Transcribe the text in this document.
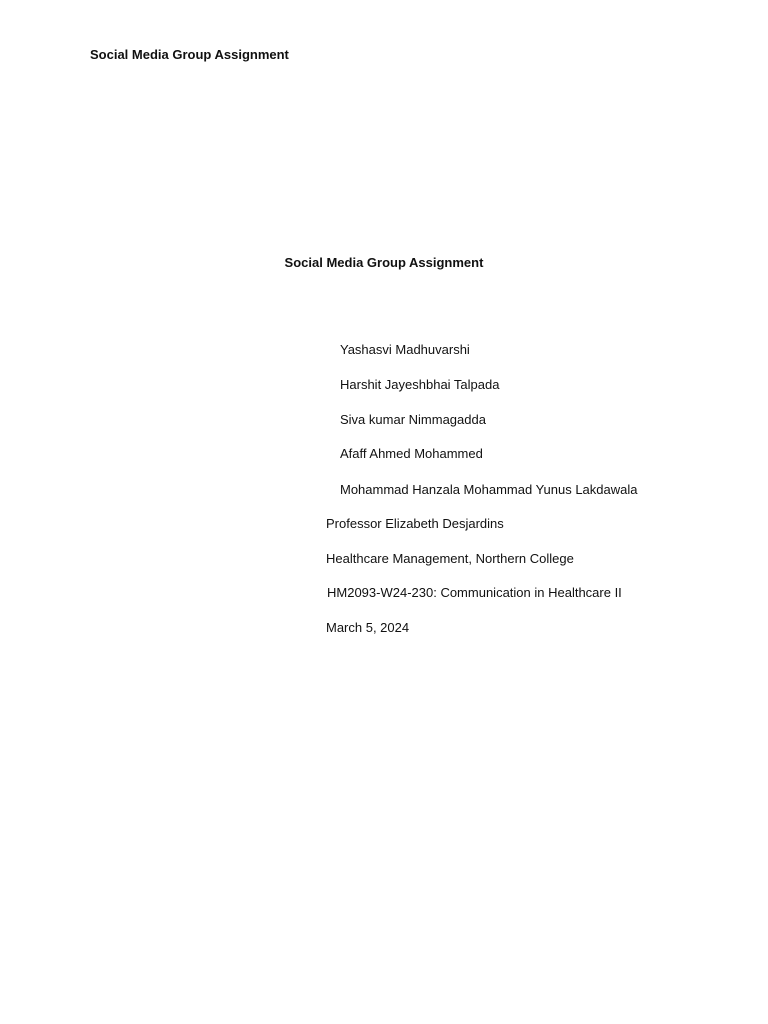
Social Media Group Assignment
Social Media Group Assignment
Yashasvi Madhuvarshi
Harshit Jayeshbhai Talpada
Siva kumar Nimmagadda
Afaff Ahmed Mohammed
Mohammad Hanzala Mohammad Yunus Lakdawala
Professor Elizabeth Desjardins
Healthcare Management, Northern College
HM2093-W24-230: Communication in Healthcare II
March 5, 2024
